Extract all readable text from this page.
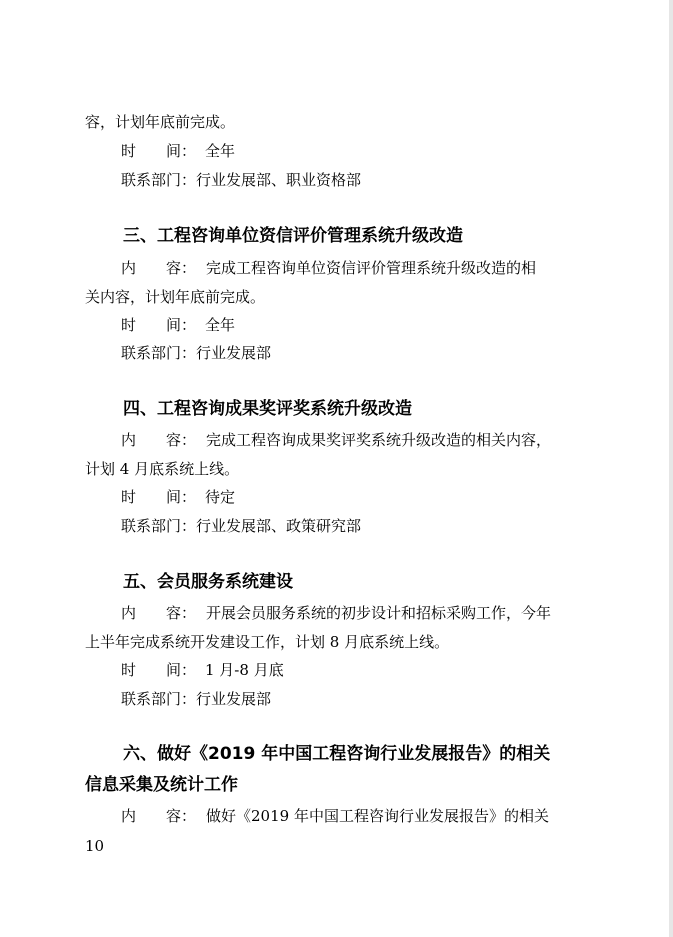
容，计划年底前完成。
时　　间： 全年
联系部门：行业发展部、职业资格部
三、工程咨询单位资信评价管理系统升级改造
内　　容： 完成工程咨询单位资信评价管理系统升级改造的相
关内容，计划年底前完成。
时　　间： 全年
联系部门：行业发展部
四、工程咨询成果奖评奖系统升级改造
内　　容： 完成工程咨询成果奖评奖系统升级改造的相关内容，
计划 4 月底系统上线。
时　　间： 待定
联系部门：行业发展部、政策研究部
五、会员服务系统建设
内　　容： 开展会员服务系统的初步设计和招标采购工作，今年
上半年完成系统开发建设工作，计划 8 月底系统上线。
时　　间： 1 月-8 月底
联系部门：行业发展部
六、做好《2019 年中国工程咨询行业发展报告》的相关
信息采集及统计工作
内　　容： 做好《2019 年中国工程咨询行业发展报告》的相关
10
